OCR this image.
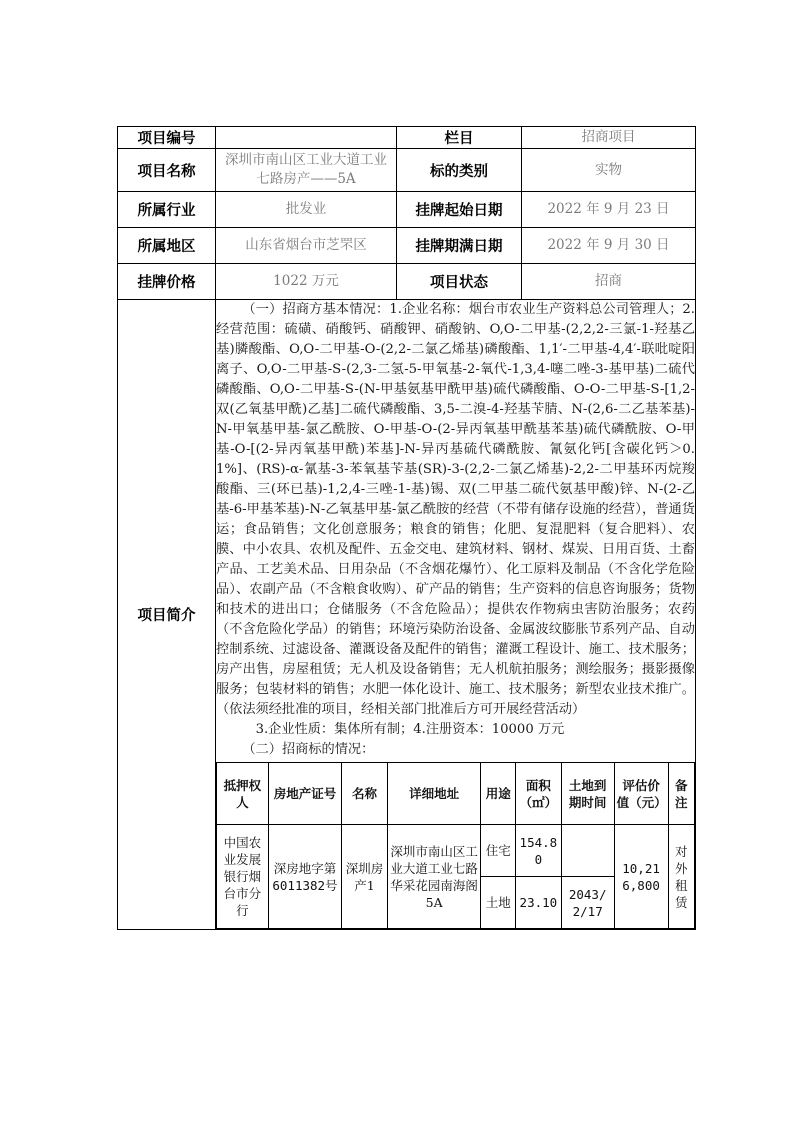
项目编号		栏目	招商项目
项目名称	深圳市南山区工业大道工业七路房产——5A	标的类别	实物
所属行业	批发业	挂牌起始日期	2022 年 9 月 23 日
所属地区	山东省烟台市芝罘区	挂牌期满日期	2022 年 9 月 30 日
挂牌价格	1022 万元	项目状态	招商
项目简介	

（一）招商方基本情况：1.企业名称：烟台市农业生产资料总公司管理人；2.经营范围：硫磺、硝酸钙、硝酸钾、硝酸钠、O,O-二甲基-(2,2,2-三氯-1-羟基乙基)膦酸酯、O,O-二甲基-O-(2,2-二氯乙烯基)磷酸酯、1,1′-二甲基-4,4′-联吡啶阳离子、O,O-二甲基-S-(2,3-二氢-5-甲氧基-2-氧代-1,3,4-噻二唑-3-基甲基)二硫代磷酸酯、O,O-二甲基-S-(N-甲基氨基甲酰甲基)硫代磷酸酯、O-O-二甲基-S-[1,2-双(乙氧基甲酰)乙基]二硫代磷酸酯、3,5-二溴-4-羟基苄腈、N-(2,6-二乙基苯基)-N-甲氧基甲基-氯乙酰胺、O-甲基-O-(2-异丙氧基甲酰基苯基)硫代磷酰胺、O-甲基-O-[(2-异丙氧基甲酰)苯基]-N-异丙基硫代磷酰胺、氰氨化钙[含碳化钙＞0.1%]、(RS)-α-氰基-3-苯氧基苄基(SR)-3-(2,2-二氯乙烯基)-2,2-二甲基环丙烷羧酸酯、三(环已基)-1,2,4-三唑-1-基)锡、双(二甲基二硫代氨基甲酸)锌、N-(2-乙基-6-甲基苯基)-N-乙氧基甲基-氯乙酰胺的经营（不带有储存设施的经营），普通货运；食品销售；文化创意服务；粮食的销售；化肥、复混肥料（复合肥料）、农膜、中小农具、农机及配件、五金交电、建筑材料、钢材、煤炭、日用百货、土畜产品、工艺美术品、日用杂品（不含烟花爆竹）、化工原料及制品（不含化学危险品）、农副产品（不含粮食收购）、矿产品的销售；生产资料的信息咨询服务；货物和技术的进出口；仓储服务（不含危险品）；提供农作物病虫害防治服务；农药（不含危险化学品）的销售；环境污染防治设备、金属波纹膨胀节系列产品、自动控制系统、过滤设备、灌溉设备及配件的销售；灌溉工程设计、施工、技术服务；房产出售，房屋租赁；无人机及设备销售；无人机航拍服务；测绘服务；摄影摄像服务；包装材料的销售；水肥一体化设计、施工、技术服务；新型农业技术推广。（依法须经批准的项目，经相关部门批准后方可开展经营活动）

3.企业性质：集体所有制；4.注册资本：10000 万元

（二）招商标的情况：

抵押权人	房地产证号	名称	详细地址	用途	面积（㎡）	土地到期时间	评估价值（元）	备注
中国农业发展银行烟台市分行	深房地字第6011382号	深圳房产1	深圳市南山区工业大道工业七路华采花园南海阁 5A	住宅	154.80		10,216,800	对外租赁
土地	23.10	2043/2/17
